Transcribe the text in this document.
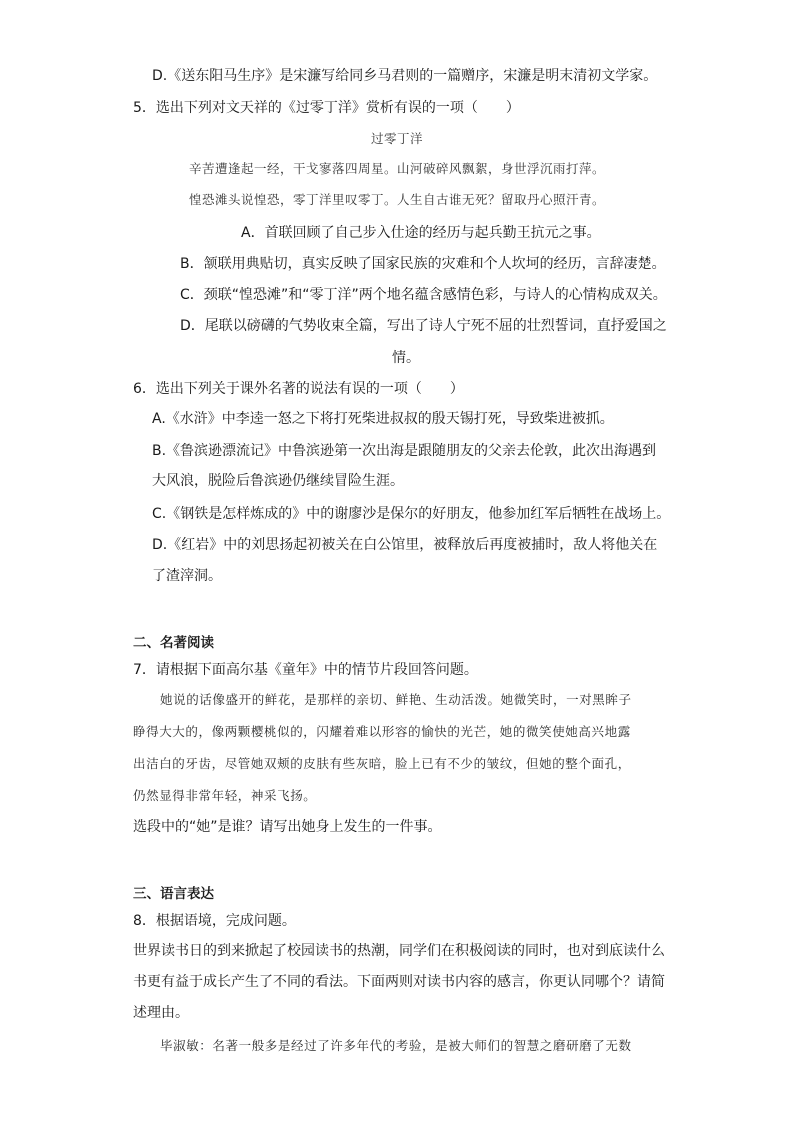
D.《送东阳马生序》是宋濂写给同乡马君则的一篇赠序，宋濂是明末清初文学家。
5．选出下列对文天祥的《过零丁洋》赏析有误的一项（　　）
过零丁洋
辛苦遭逢起一经，干戈寥落四周星。山河破碎风飘絮，身世浮沉雨打萍。
惶恐滩头说惶恐，零丁洋里叹零丁。人生自古谁无死？留取丹心照汗青。
A．首联回顾了自己步入仕途的经历与起兵勤王抗元之事。
B．颔联用典贴切，真实反映了国家民族的灾难和个人坎坷的经历，言辞凄楚。
C．颈联“惶恐滩”和“零丁洋”两个地名蕴含感情色彩，与诗人的心情构成双关。
D．尾联以磅礴的气势收束全篇，写出了诗人宁死不屈的壮烈誓词，直抒爱国之
情。
6．选出下列关于课外名著的说法有误的一项（　　）
A.《水浒》中李逵一怒之下将打死柴进叔叔的殷天锡打死，导致柴进被抓。
B.《鲁滨逊漂流记》中鲁滨逊第一次出海是跟随朋友的父亲去伦敦，此次出海遇到
大风浪，脱险后鲁滨逊仍继续冒险生涯。
C.《钢铁是怎样炼成的》中的谢廖沙是保尔的好朋友，他参加红军后牺牲在战场上。
D.《红岩》中的刘思扬起初被关在白公馆里，被释放后再度被捕时，敌人将他关在
了渣滓洞。
二、名著阅读
7．请根据下面高尔基《童年》中的情节片段回答问题。
她说的话像盛开的鲜花，是那样的亲切、鲜艳、生动活泼。她微笑时，一对黑眸子
睁得大大的，像两颗樱桃似的，闪耀着难以形容的愉快的光芒，她的微笑使她高兴地露
出洁白的牙齿，尽管她双颊的皮肤有些灰暗，脸上已有不少的皱纹，但她的整个面孔，
仍然显得非常年轻，神采飞扬。
选段中的“她”是谁？请写出她身上发生的一件事。
三、语言表达
8．根据语境，完成问题。
世界读书日的到来掀起了校园读书的热潮，同学们在积极阅读的同时，也对到底读什么
书更有益于成长产生了不同的看法。下面两则对读书内容的感言，你更认同哪个？请简
述理由。
毕淑敏：名著一般多是经过了许多年代的考验，是被大师们的智慧之磨研磨了无数
